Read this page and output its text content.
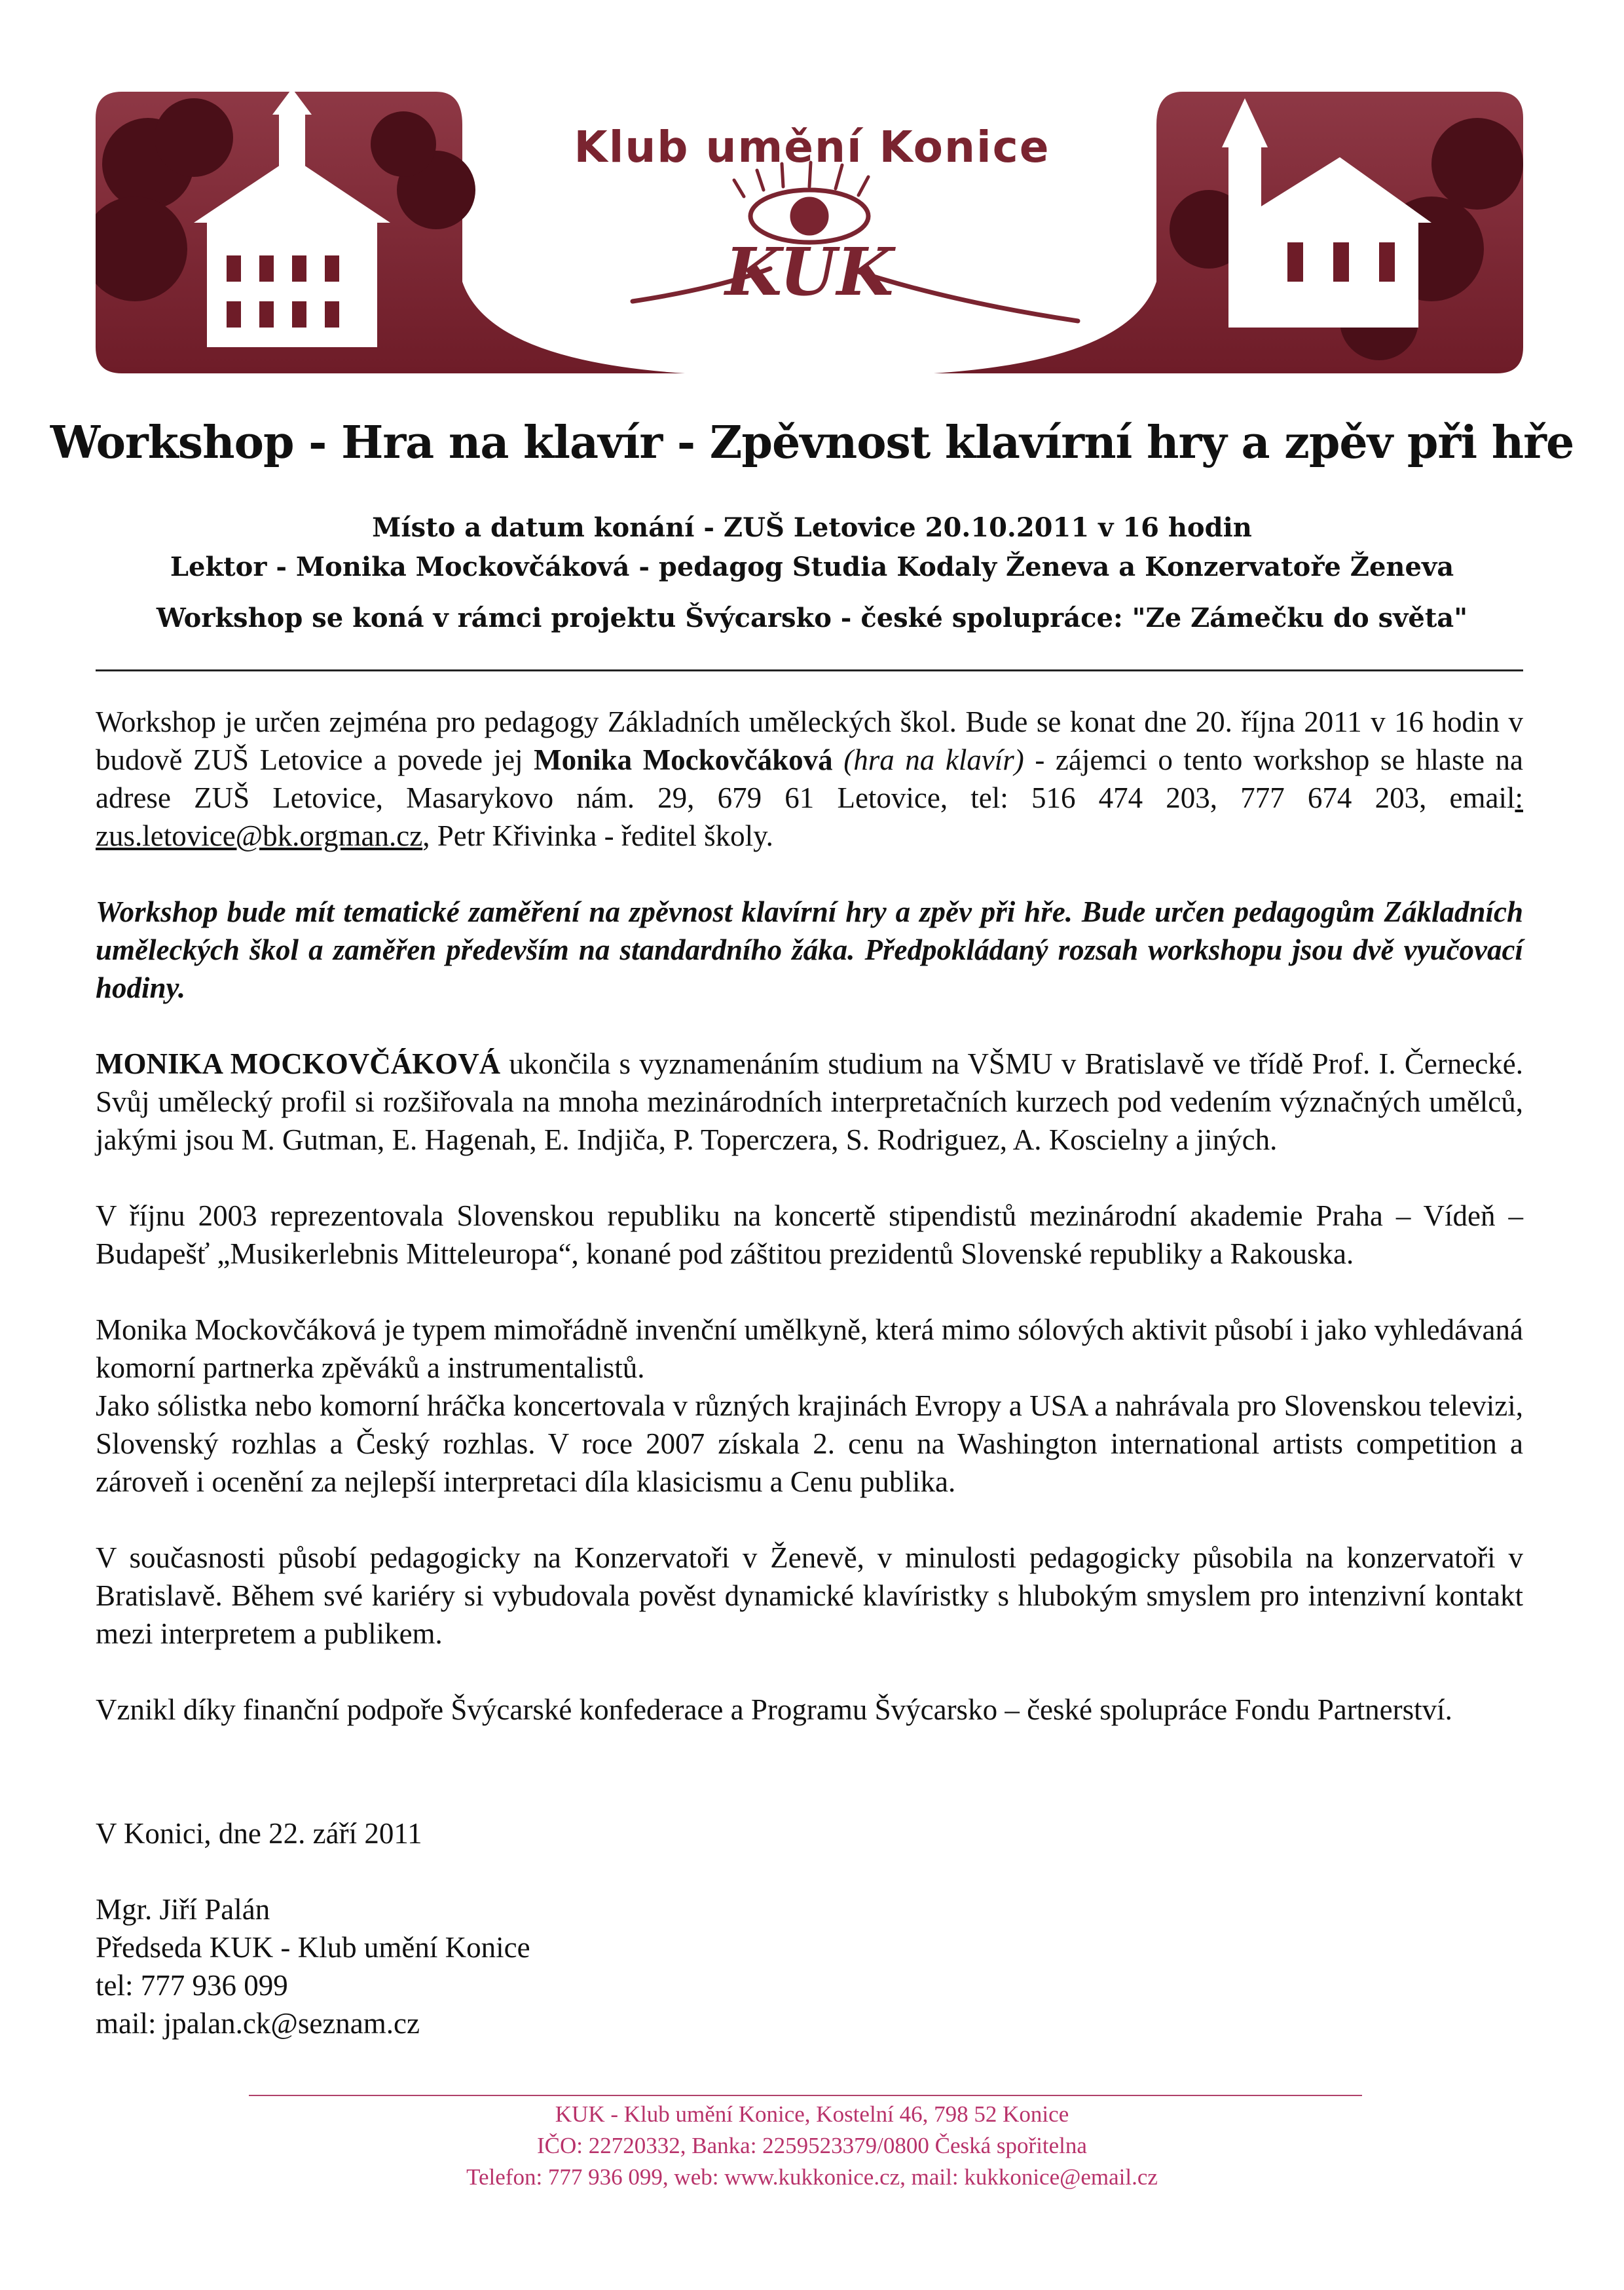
KUK
Klub umění Konice
Workshop - Hra na klavír - Zpěvnost klavírní hry a zpěv při hře
Místo a datum konání - ZUŠ Letovice 20.10.2011 v 16 hodin
Lektor - Monika Mockovčáková - pedagog Studia Kodaly Ženeva a Konzervatoře Ženeva
Workshop se koná v rámci projektu Švýcarsko - české spolupráce: "Ze Zámečku do světa"

Workshop je určen zejména pro pedagogy Základních uměleckých škol. Bude se konat dne 20. října 2011 v 16 hodin v budově ZUŠ Letovice a povede jej Monika Mockovčáková (hra na klavír) - zájemci o tento workshop se hlaste na adrese ZUŠ Letovice, Masarykovo nám. 29, 679 61 Letovice, tel: 516 474 203, 777 674 203, email: zus.letovice@bk.orgman.cz, Petr Křivinka - ředitel školy.

Workshop bude mít tematické zaměření na zpěvnost klavírní hry a zpěv při hře. Bude určen pedagogům Základních uměleckých škol a zaměřen především na standardního žáka. Předpokládaný rozsah workshopu jsou dvě vyučovací hodiny.

MONIKA MOCKOVČÁKOVÁ ukončila s vyznamenáním studium na VŠMU v Bratislavě ve třídě Prof. I. Černecké. Svůj umělecký profil si rozšiřovala na mnoha mezinárodních interpretačních kurzech pod vedením význačných umělců, jakými jsou M. Gutman, E. Hagenah, E. Indjiča, P. Toperczera, S. Rodriguez, A. Koscielny a jiných.

V říjnu 2003 reprezentovala Slovenskou republiku na koncertě stipendistů mezinárodní akademie Praha – Vídeň – Budapešť „Musikerlebnis Mitteleuropa“, konané pod záštitou prezidentů Slovenské republiky a Rakouska.

Monika Mockovčáková je typem mimořádně invenční umělkyně, která mimo sólových aktivit působí i jako vyhledávaná komorní partnerka zpěváků a instrumentalistů.

Jako sólistka nebo komorní hráčka koncertovala v různých krajinách Evropy a USA a nahrávala pro Slovenskou televizi, Slovenský rozhlas a Český rozhlas. V roce 2007 získala 2. cenu na Washington international artists competition a zároveň i ocenění za nejlepší interpretaci díla klasicismu a Cenu publika.

V současnosti působí pedagogicky na Konzervatoři v Ženevě, v minulosti pedagogicky působila na konzervatoři v Bratislavě. Během své kariéry si vybudovala pověst dynamické klavíristky s hlubokým smyslem pro intenzivní kontakt mezi interpretem a publikem.

Vznikl díky finanční podpoře Švýcarské konfederace a Programu Švýcarsko – české spolupráce Fondu Partnerství.

V Konici, dne 22. září 2011
Mgr. Jiří Palán
Předseda KUK - Klub umění Konice
tel: 777 936 099
mail: jpalan.ck@seznam.cz
KUK - Klub umění Konice, Kostelní 46, 798 52 Konice
IČO: 22720332, Banka: 2259523379/0800 Česká spořitelna
Telefon: 777 936 099, web: www.kukkonice.cz, mail: kukkonice@email.cz
